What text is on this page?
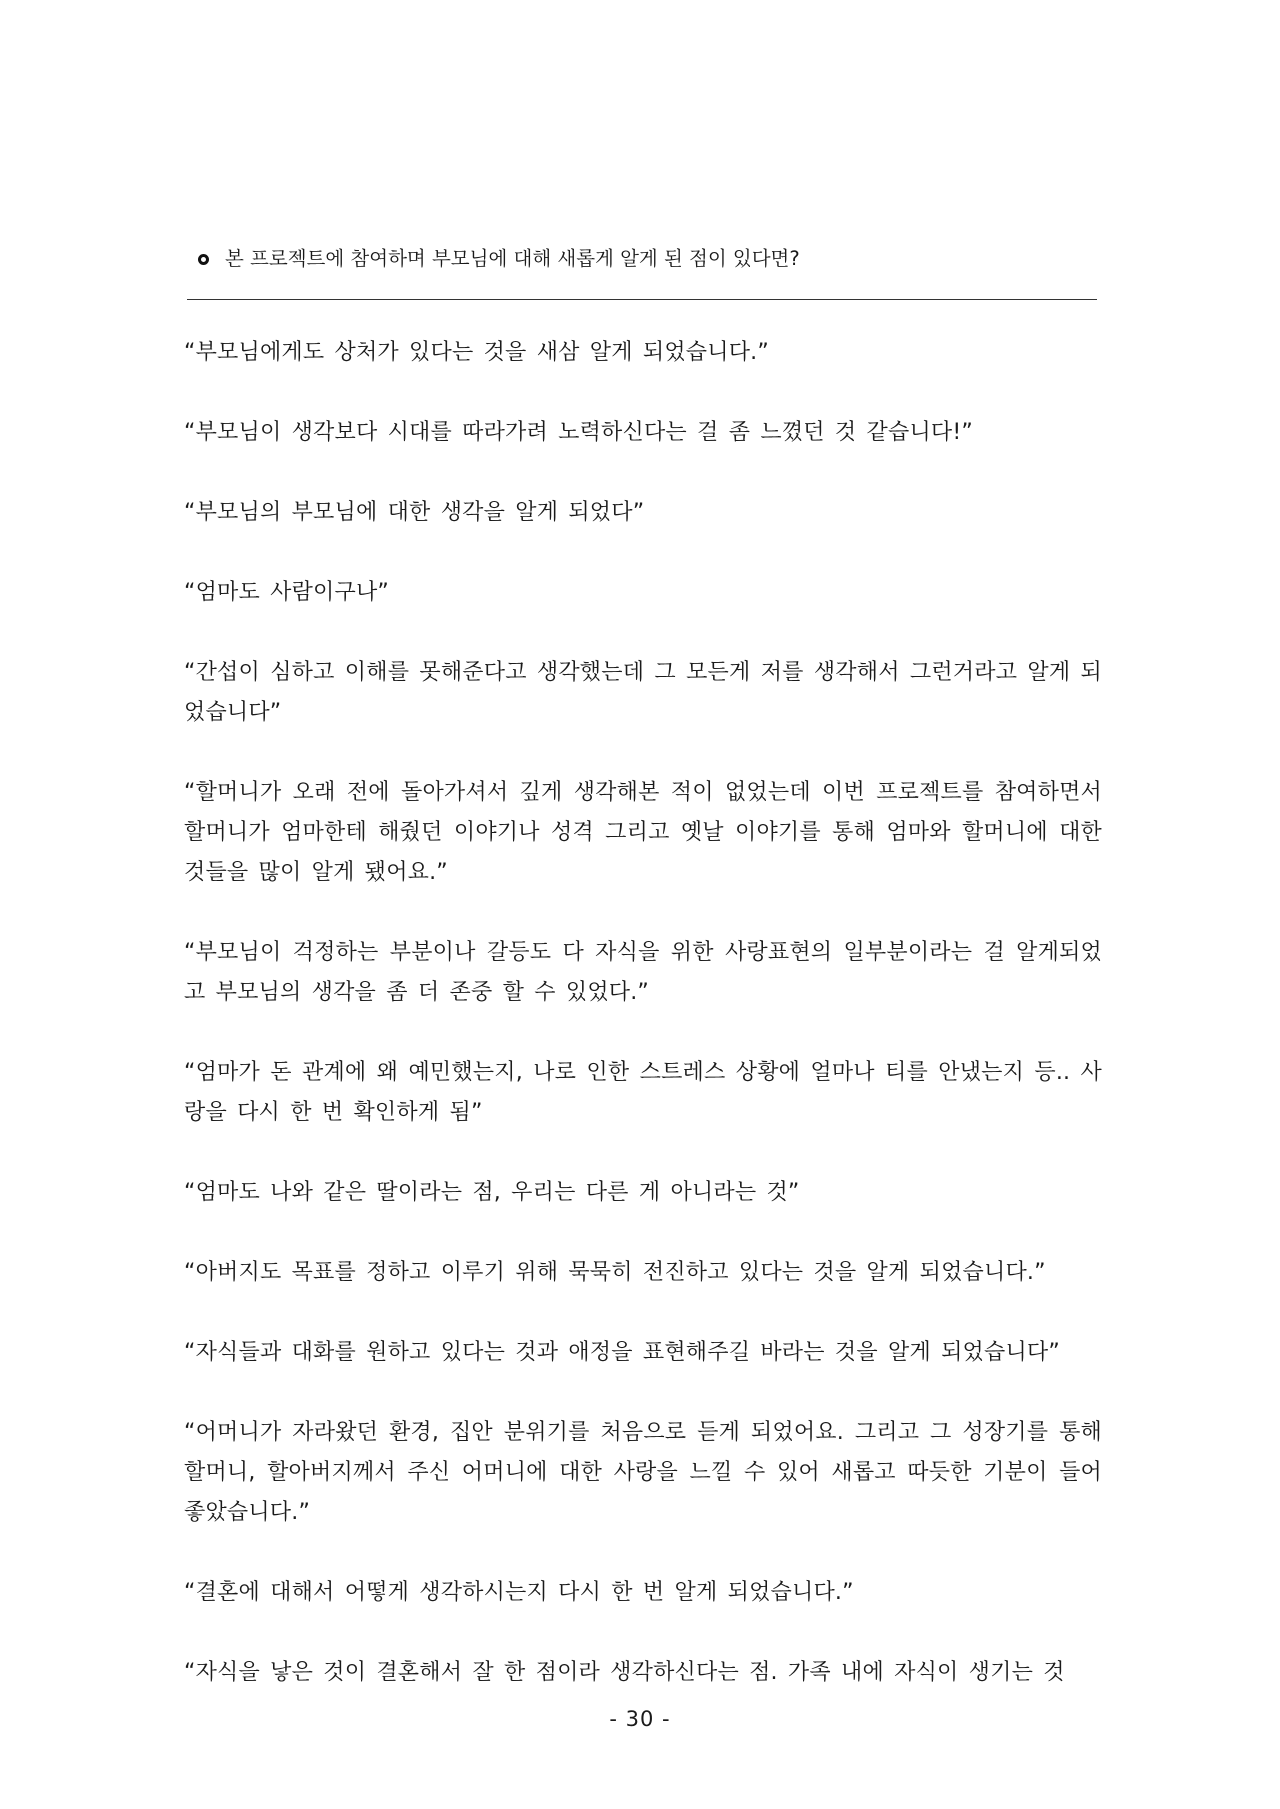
본 프로젝트에 참여하며 부모님에 대해 새롭게 알게 된 점이 있다면?
“부모님에게도 상처가 있다는 것을 새삼 알게 되었습니다.”
“부모님이 생각보다 시대를 따라가려 노력하신다는 걸 좀 느꼈던 것 같습니다!”
“부모님의 부모님에 대한 생각을 알게 되었다”
“엄마도 사람이구나”
“간섭이 심하고 이해를 못해준다고 생각했는데 그 모든게 저를 생각해서 그런거라고 알게 되었습니다”
“할머니가 오래 전에 돌아가셔서 깊게 생각해본 적이 없었는데 이번 프로젝트를 참여하면서 할머니가 엄마한테 해줬던 이야기나 성격 그리고 옛날 이야기를 통해 엄마와 할머니에 대한 것들을 많이 알게 됐어요.”
“부모님이 걱정하는 부분이나 갈등도 다 자식을 위한 사랑표현의 일부분이라는 걸 알게되었고 부모님의 생각을 좀 더 존중 할 수 있었다.”
“엄마가 돈 관계에 왜 예민했는지, 나로 인한 스트레스 상황에 얼마나 티를 안냈는지 등.. 사랑을 다시 한 번 확인하게 됨”
“엄마도 나와 같은 딸이라는 점, 우리는 다른 게 아니라는 것”
“아버지도 목표를 정하고 이루기 위해 묵묵히 전진하고 있다는 것을 알게 되었습니다.”
“자식들과 대화를 원하고 있다는 것과 애정을 표현해주길 바라는 것을 알게 되었습니다”
“어머니가 자라왔던 환경, 집안 분위기를 처음으로 듣게 되었어요. 그리고 그 성장기를 통해 할머니, 할아버지께서 주신 어머니에 대한 사랑을 느낄 수 있어 새롭고 따듯한 기분이 들어 좋았습니다.”
“결혼에 대해서 어떻게 생각하시는지 다시 한 번 알게 되었습니다.”
“자식을 낳은 것이 결혼해서 잘 한 점이라 생각하신다는 점. 가족 내에 자식이 생기는 것
- 30 -
